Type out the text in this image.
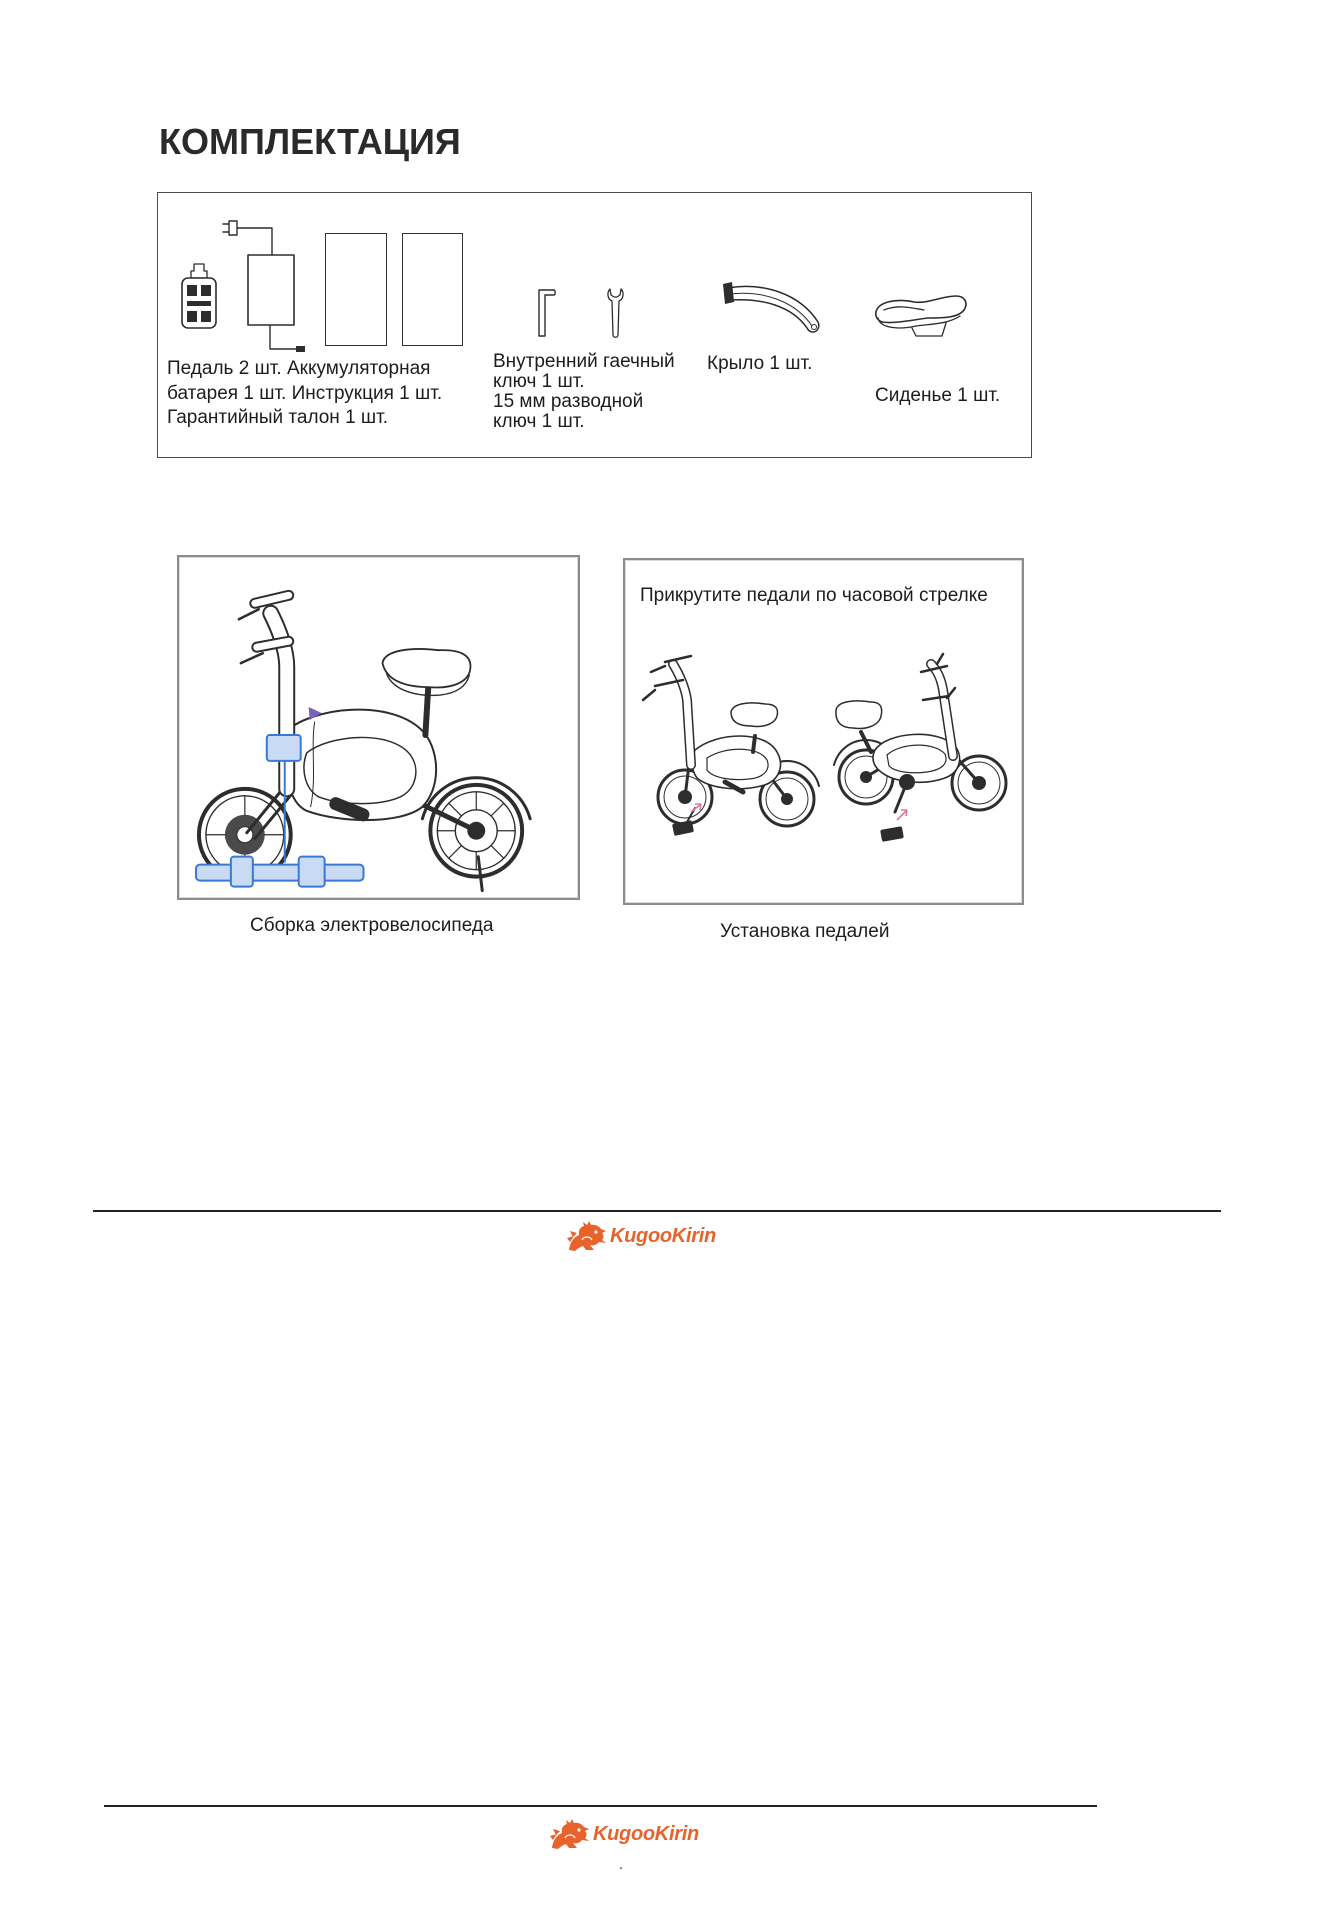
КОМПЛЕКТАЦИЯ
Педаль 2 шт. Аккумуляторная
батарея 1 шт. Инструкция 1 шт.
Гарантийный талон 1 шт.
Внутренний гаечный
ключ 1 шт.
15 мм разводной
ключ 1 шт.
Крыло 1 шт.
Сиденье 1 шт.
Сборка электровелосипеда
Прикрутите педали по часовой стрелке
Установка педалей
KugooKirin
KugooKirin
.
